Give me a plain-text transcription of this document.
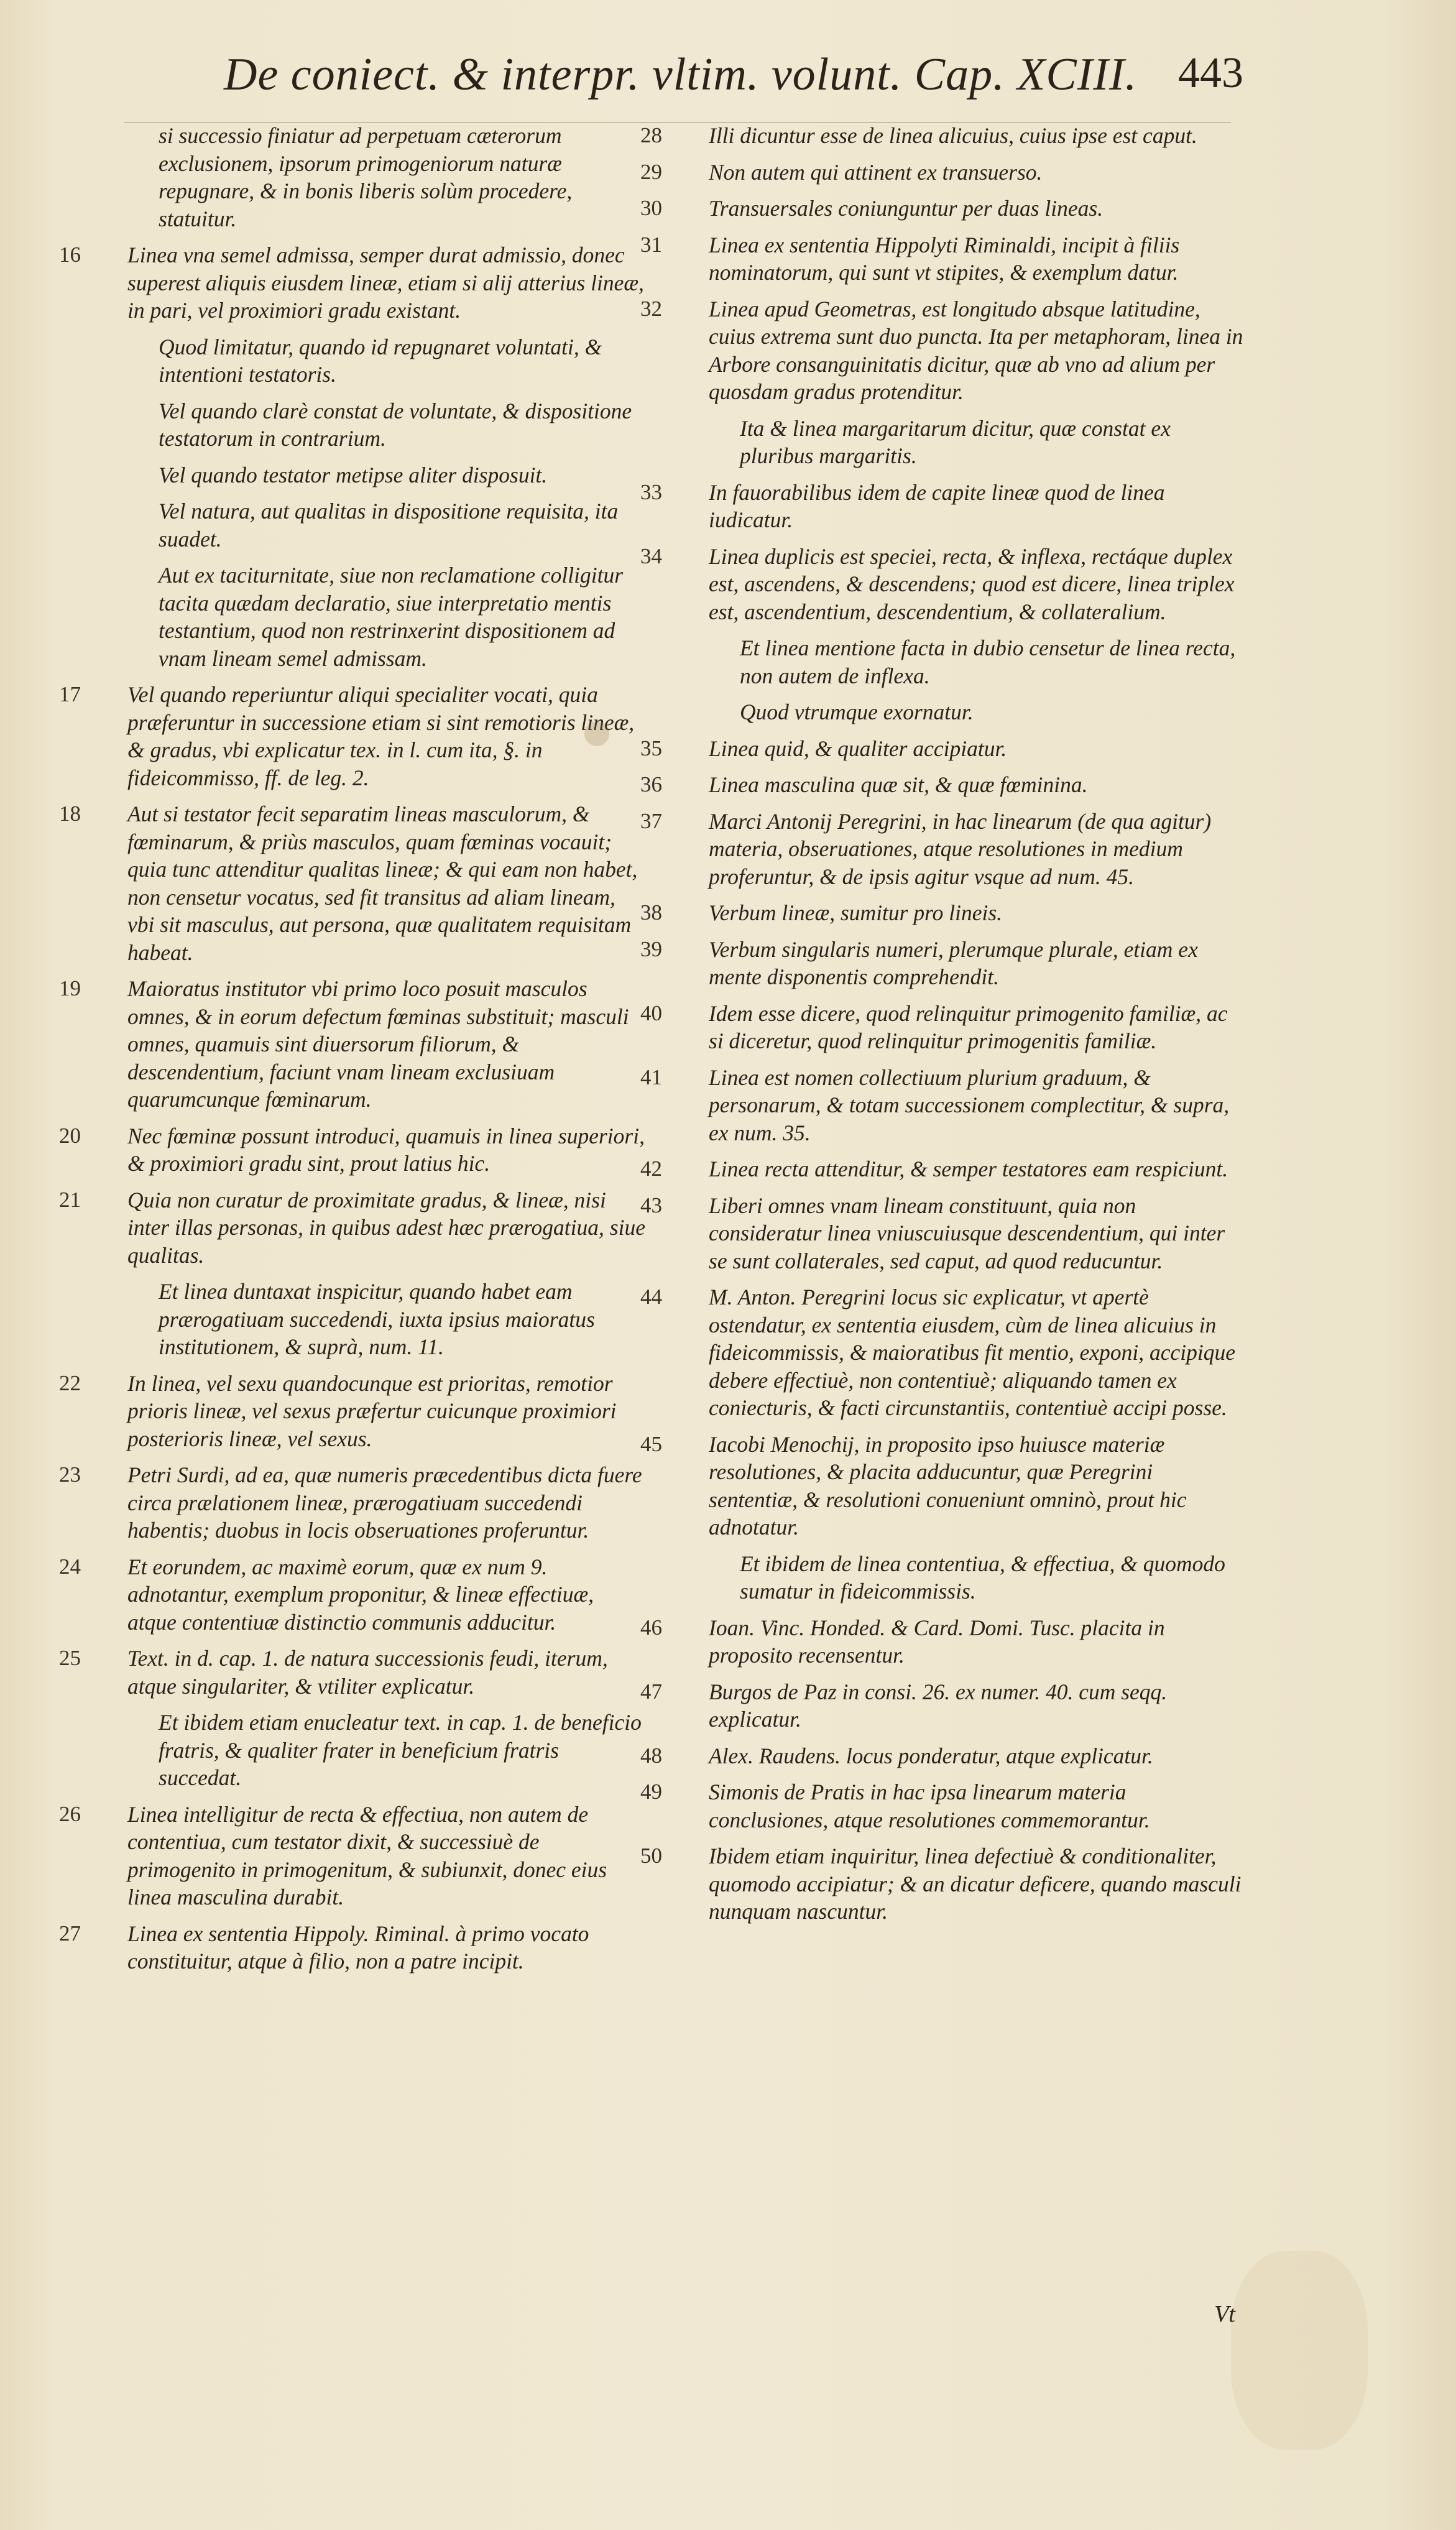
De coniect. & interpr. vltim. volunt. Cap. XCIII. 443
si successio finiatur ad perpetuam cæterorum exclusionem, ipsorum primogeniorum naturæ repugnare, & in bonis liberis solùm procedere, statuitur.
16 Linea vna semel admissa, semper durat admissio, donec superest aliquis eiusdem lineæ, etiam si alij atterius lineæ, in pari, vel proximiori gradu existant.
Quod limitatur, quando id repugnaret voluntati, & intentioni testatoris.
Vel quando clarè constat de voluntate, & dispositione testatorum in contrarium.
Vel quando testator metipse aliter disposuit.
Vel natura, aut qualitas in dispositione requisita, ita suadet.
Aut ex taciturnitate, siue non reclamatione colligitur tacita quædam declaratio, siue interpretatio mentis testantium, quod non restrinxerint dispositionem ad vnam lineam semel admissam.
17 Vel quando reperiuntur aliqui specialiter vocati, quia præferuntur in successione etiam si sint remotioris lineæ, & gradus, vbi explicatur tex. in l. cum ita, §. in fideicommisso, ff. de leg. 2.
18 Aut si testator fecit separatim lineas masculorum, & fœminarum, & priùs masculos, quam fœminas vocauit; quia tunc attenditur qualitas lineæ; & qui eam non habet, non censetur vocatus, sed fit transitus ad aliam lineam, vbi sit masculus, aut persona, quæ qualitatem requisitam habeat.
19 Maioratus institutor vbi primo loco posuit masculos omnes, & in eorum defectum fœminas substituit; masculi omnes, quamuis sint diuersorum filiorum, & descendentium, faciunt vnam lineam exclusiuam quarumcunque fœminarum.
20 Nec fœminæ possunt introduci, quamuis in linea superiori, & proximiori gradu sint, prout latius hic.
21 Quia non curatur de proximitate gradus, & lineæ, nisi inter illas personas, in quibus adest hæc prærogatiua, siue qualitas.
Et linea duntaxat inspicitur, quando habet eam prærogatiuam succedendi, iuxta ipsius maioratus institutionem, & suprà, num. 11.
22 In linea, vel sexu quandocunque est prioritas, remotior prioris lineæ, vel sexus præfertur cuicunque proximiori posterioris lineæ, vel sexus.
23 Petri Surdi, ad ea, quæ numeris præcedentibus dicta fuere circa prælationem lineæ, prærogatiuam succedendi habentis; duobus in locis obseruationes proferuntur.
24 Et eorundem, ac maximè eorum, quæ ex num 9. adnotantur, exemplum proponitur, & lineæ effectiuæ, atque contentiuæ distinctio communis adducitur.
25 Text. in d. cap. 1. de natura successionis feudi, iterum, atque singulariter, & vtiliter explicatur.
Et ibidem etiam enucleatur text. in cap. 1. de beneficio fratris, & qualiter frater in beneficium fratris succedat.
26 Linea intelligitur de recta & effectiua, non autem de contentiua, cum testator dixit, & successiuè de primogenito in primogenitum, & subiunxit, donec eius linea masculina durabit.
27 Linea ex sententia Hippoly. Riminal. à primo vocato constituitur, atque à filio, non a patre incipit.
28 Illi dicuntur esse de linea alicuius, cuius ipse est caput.
29 Non autem qui attinent ex transuerso.
30 Transuersales coniunguntur per duas lineas.
31 Linea ex sententia Hippolyti Riminaldi, incipit à filiis nominatorum, qui sunt vt stipites, & exemplum datur.
32 Linea apud Geometras, est longitudo absque latitudine, cuius extrema sunt duo puncta. Ita per metaphoram, linea in Arbore consanguinitatis dicitur, quæ ab vno ad alium per quosdam gradus protenditur.
Ita & linea margaritarum dicitur, quæ constat ex pluribus margaritis.
33 In fauorabilibus idem de capite lineæ quod de linea iudicatur.
34 Linea duplicis est speciei, recta, & inflexa, rectáque duplex est, ascendens, & descendens; quod est dicere, linea triplex est, ascendentium, descendentium, & collateralium.
Et linea mentione facta in dubio censetur de linea recta, non autem de inflexa.
Quod vtrumque exornatur.
35 Linea quid, & qualiter accipiatur.
36 Linea masculina quæ sit, & quæ fœminina.
37 Marci Antonij Peregrini, in hac linearum (de qua agitur) materia, obseruationes, atque resolutiones in medium proferuntur, & de ipsis agitur vsque ad num. 45.
38 Verbum lineæ, sumitur pro lineis.
39 Verbum singularis numeri, plerumque plurale, etiam ex mente disponentis comprehendit.
40 Idem esse dicere, quod relinquitur primogenito familiæ, ac si diceretur, quod relinquitur primogenitis familiæ.
41 Linea est nomen collectiuum plurium graduum, & personarum, & totam successionem complectitur, & supra, ex num. 35.
42 Linea recta attenditur, & semper testatores eam respiciunt.
43 Liberi omnes vnam lineam constituunt, quia non consideratur linea vniuscuiusque descendentium, qui inter se sunt collaterales, sed caput, ad quod reducuntur.
44 M. Anton. Peregrini locus sic explicatur, vt apertè ostendatur, ex sententia eiusdem, cùm de linea alicuius in fideicommissis, & maioratibus fit mentio, exponi, accipique debere effectiuè, non contentiuè; aliquando tamen ex coniecturis, & facti circunstantiis, contentiuè accipi posse.
45 Iacobi Menochij, in proposito ipso huiusce materiæ resolutiones, & placita adducuntur, quæ Peregrini sententiæ, & resolutioni conueniunt omninò, prout hic adnotatur.
Et ibidem de linea contentiua, & effectiua, & quomodo sumatur in fideicommissis.
46 Ioan. Vinc. Honded. & Card. Domi. Tusc. placita in proposito recensentur.
47 Burgos de Paz in consi. 26. ex numer. 40. cum seqq. explicatur.
48 Alex. Raudens. locus ponderatur, atque explicatur.
49 Simonis de Pratis in hac ipsa linearum materia conclusiones, atque resolutiones commemorantur.
50 Ibidem etiam inquiritur, linea defectiuè & conditionaliter, quomodo accipiatur; & an dicatur deficere, quando masculi nunquam nascuntur.
Vt
